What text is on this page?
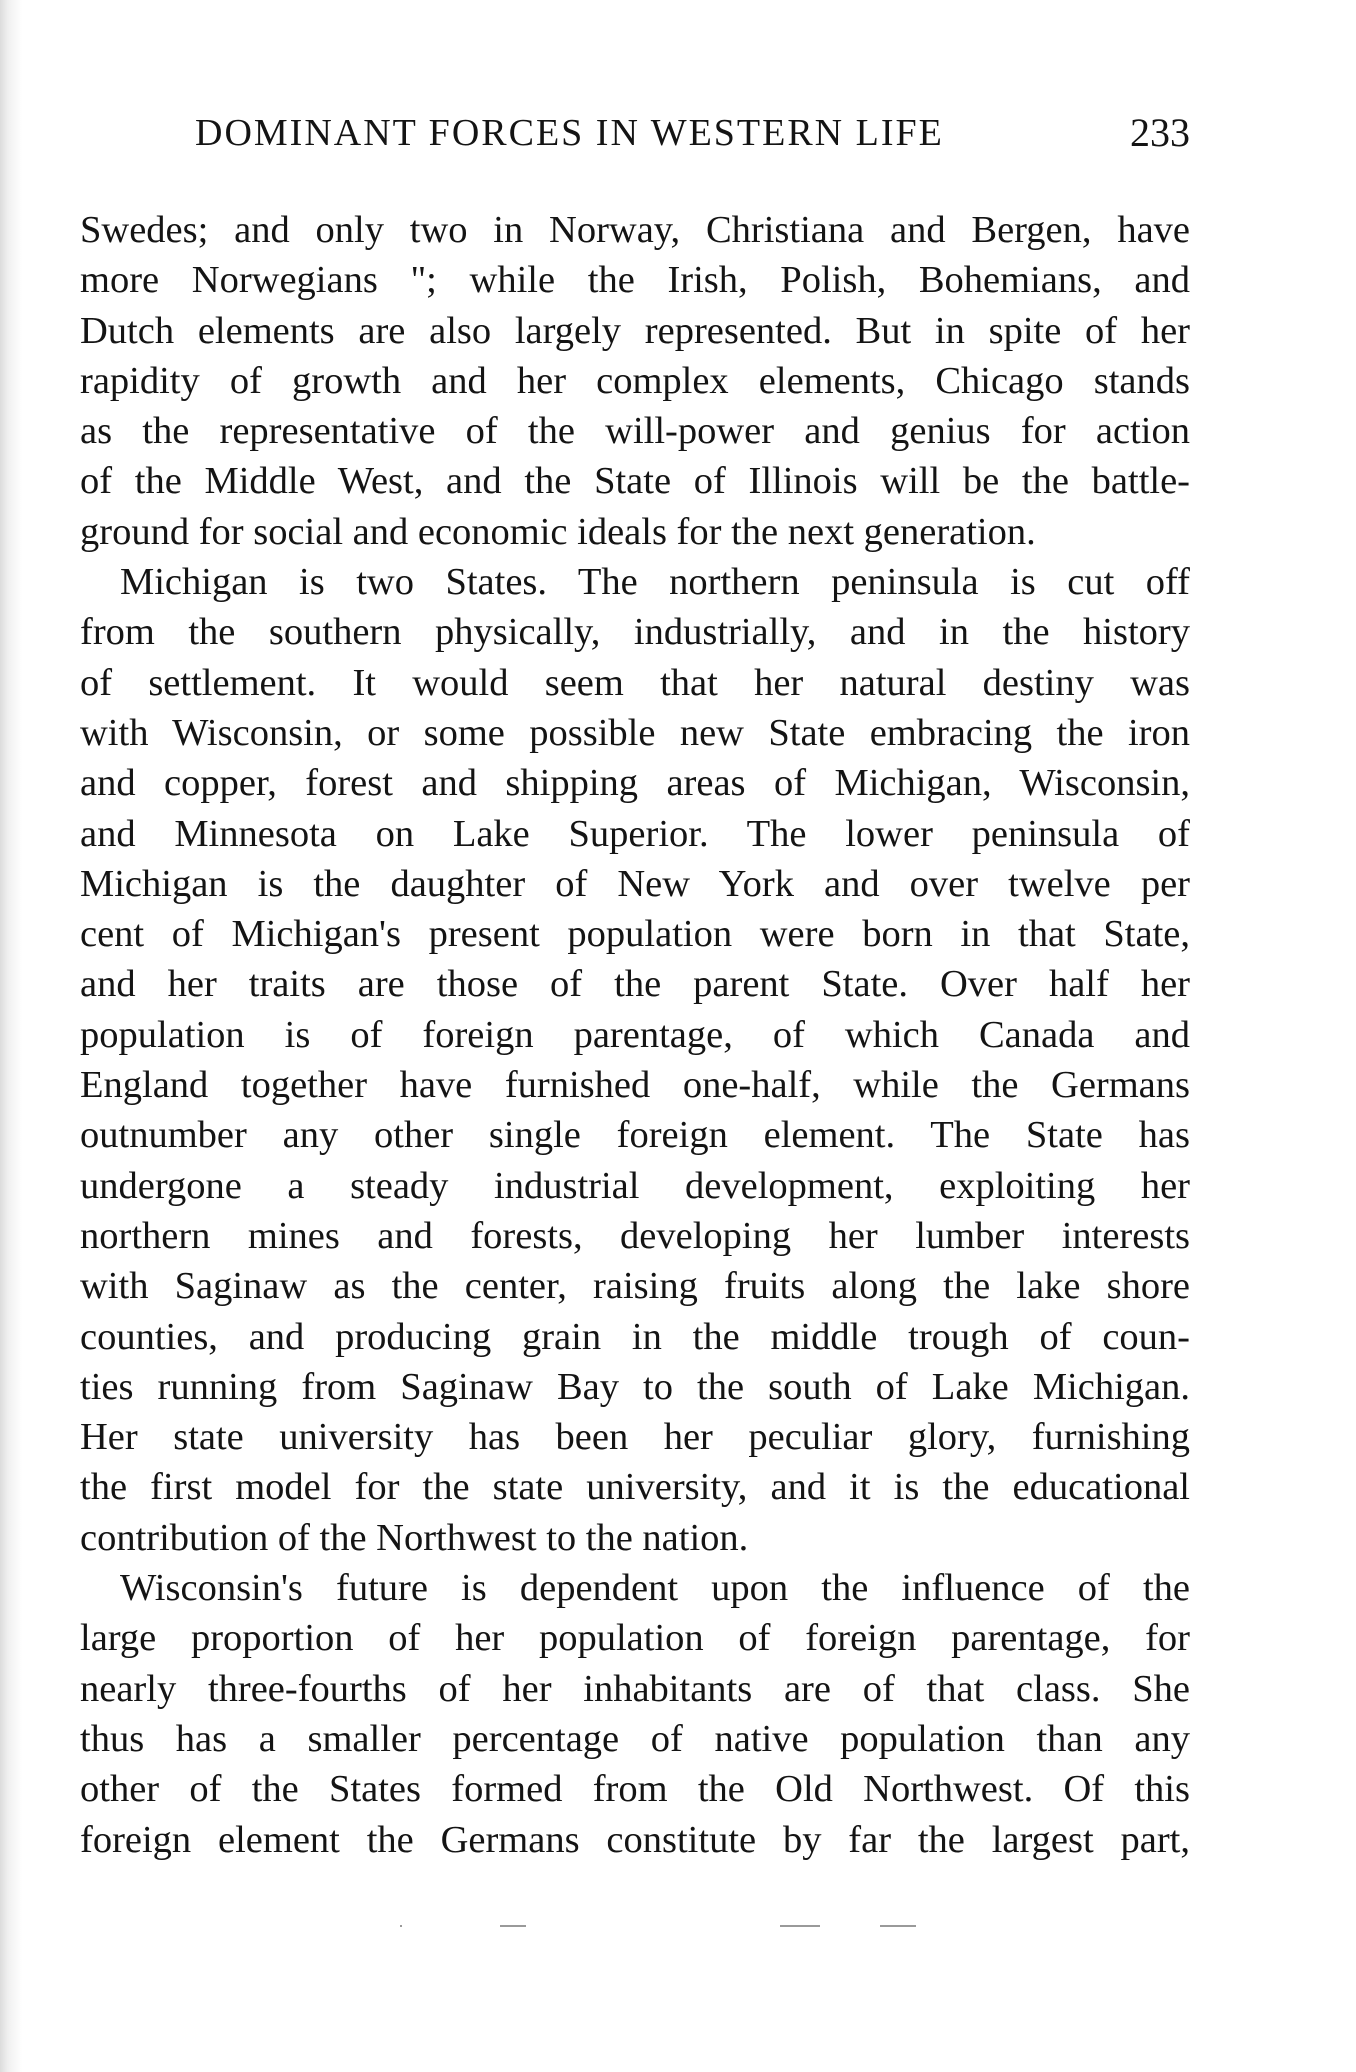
DOMINANT FORCES IN WESTERN LIFE	233

Swedes; and only two in Norway, Christiana and Bergen, have
more Norwegians "; while the Irish, Polish, Bohemians, and
Dutch elements are also largely represented. But in spite of her
rapidity of growth and her complex elements, Chicago stands
as the representative of the will-power and genius for action
of the Middle West, and the State of Illinois will be the battle-
ground for social and economic ideals for the next generation.

Michigan is two States. The northern peninsula is cut off
from the southern physically, industrially, and in the history
of settlement. It would seem that her natural destiny was
with Wisconsin, or some possible new State embracing the iron
and copper, forest and shipping areas of Michigan, Wisconsin,
and Minnesota on Lake Superior. The lower peninsula of
Michigan is the daughter of New York and over twelve per
cent of Michigan's present population were born in that State,
and her traits are those of the parent State. Over half her
population is of foreign parentage, of which Canada and
England together have furnished one-half, while the Germans
outnumber any other single foreign element. The State has
undergone a steady industrial development, exploiting her
northern mines and forests, developing her lumber interests
with Saginaw as the center, raising fruits along the lake shore
counties, and producing grain in the middle trough of coun-
ties running from Saginaw Bay to the south of Lake Michigan.
Her state university has been her peculiar glory, furnishing
the first model for the state university, and it is the educational
contribution of the Northwest to the nation.

Wisconsin's future is dependent upon the influence of the
large proportion of her population of foreign parentage, for
nearly three-fourths of her inhabitants are of that class. She
thus has a smaller percentage of native population than any
other of the States formed from the Old Northwest. Of this
foreign element the Germans constitute by far the largest part,
